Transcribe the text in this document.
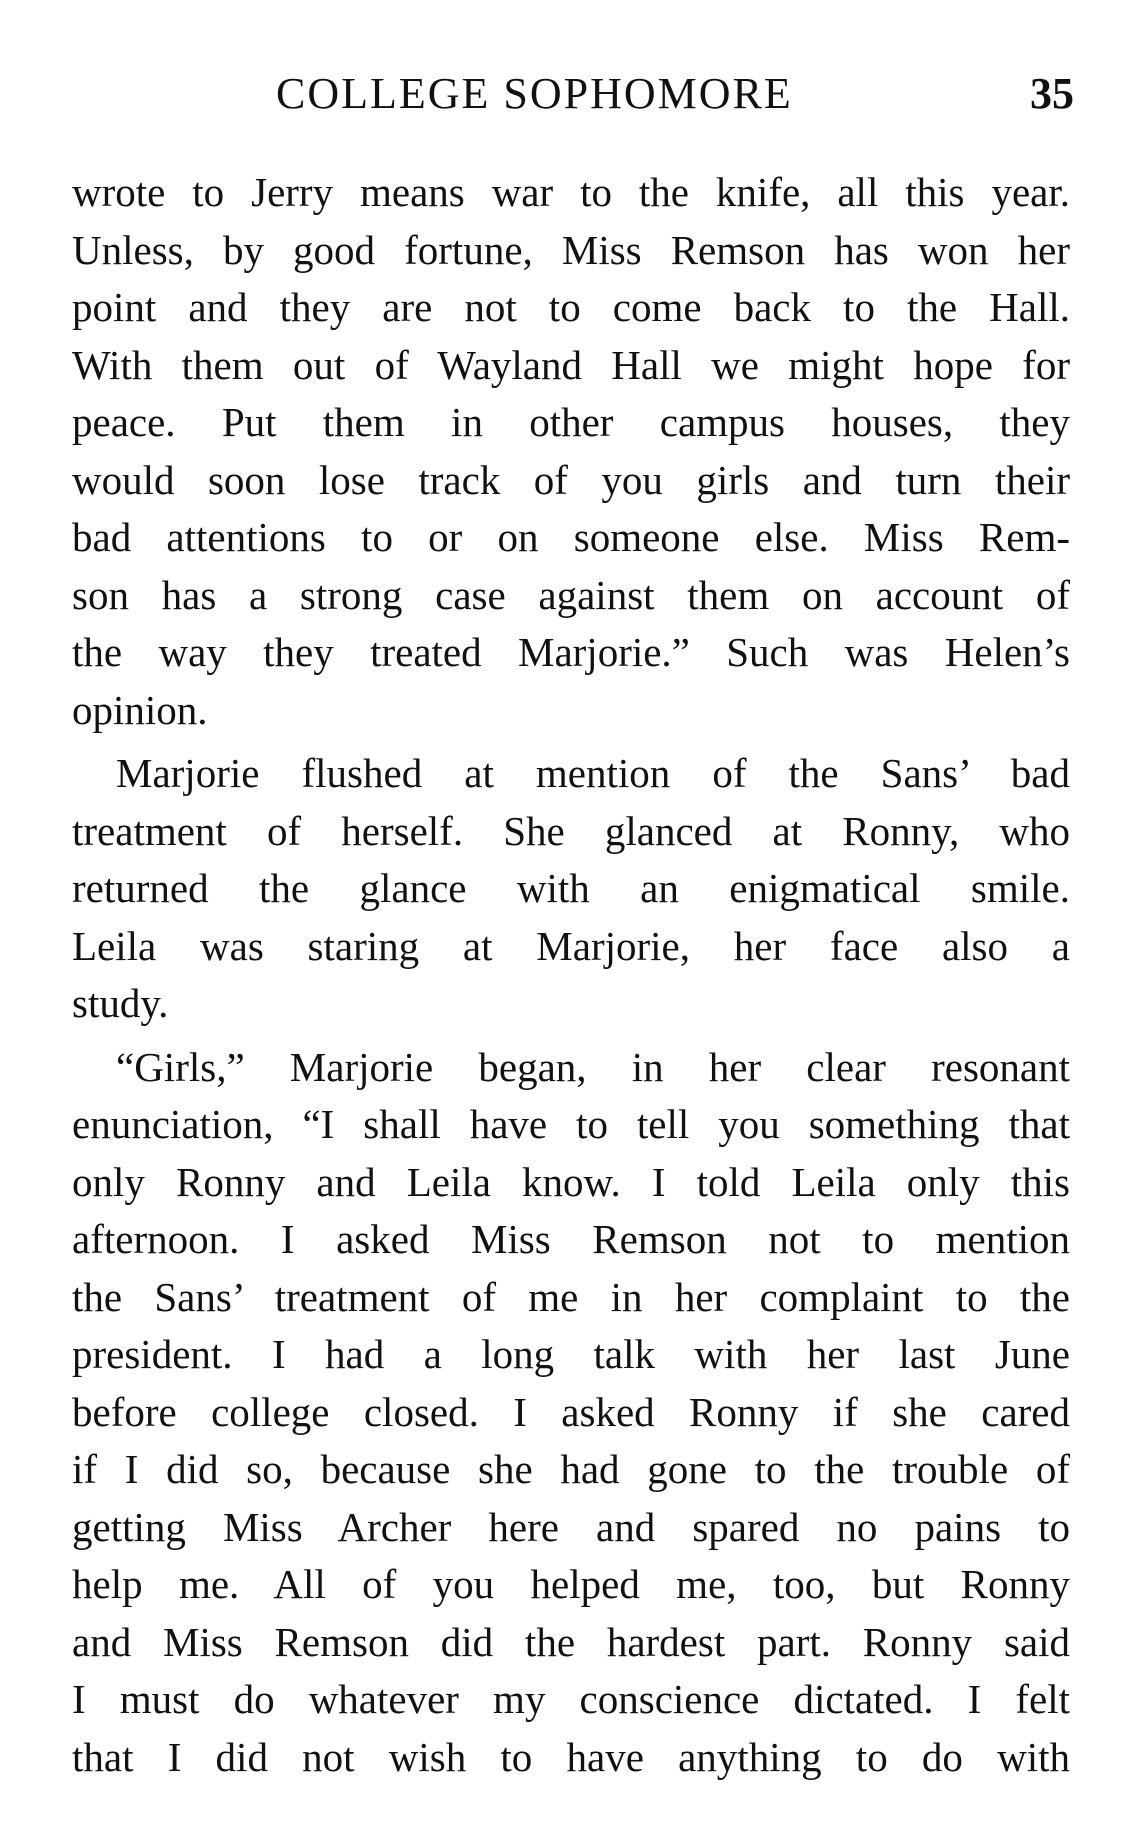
COLLEGE SOPHOMORE	35

wrote to Jerry means war to the knife, all this year.
Unless, by good fortune, Miss Remson has won her
point and they are not to come back to the Hall.
With them out of Wayland Hall we might hope for
peace. Put them in other campus houses, they
would soon lose track of you girls and turn their
bad attentions to or on someone else. Miss Rem-
son has a strong case against them on account of
the way they treated Marjorie.” Such was Helen’s
opinion.

Marjorie flushed at mention of the Sans’ bad
treatment of herself. She glanced at Ronny, who
returned the glance with an enigmatical smile.
Leila was staring at Marjorie, her face also a
study.

“Girls,” Marjorie began, in her clear resonant
enunciation, “I shall have to tell you something that
only Ronny and Leila know. I told Leila only this
afternoon. I asked Miss Remson not to mention
the Sans’ treatment of me in her complaint to the
president. I had a long talk with her last June
before college closed. I asked Ronny if she cared
if I did so, because she had gone to the trouble of
getting Miss Archer here and spared no pains to
help me. All of you helped me, too, but Ronny
and Miss Remson did the hardest part. Ronny said
I must do whatever my conscience dictated. I felt
that I did not wish to have anything to do with
